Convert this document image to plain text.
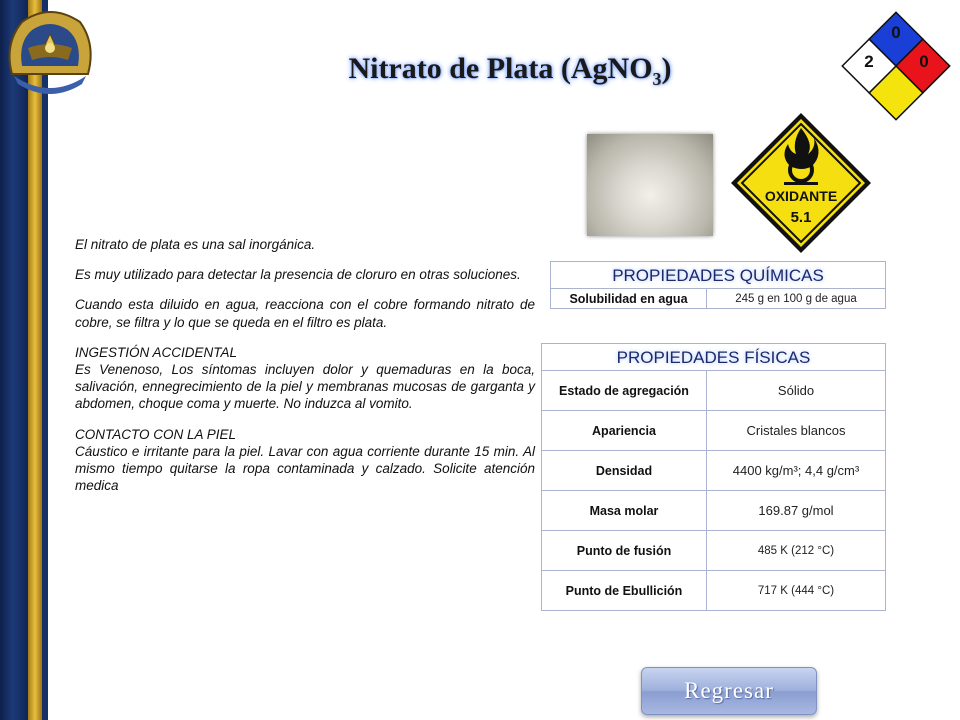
Nitrato de Plata (AgNO$_3$)
0
2	0
OXIDANTE
5.1

El nitrato de plata es una sal inorgánica.

Es muy utilizado para detectar la presencia de cloruro en otras soluciones.

Cuando esta diluido en agua, reacciona con el cobre formando nitrato de cobre, se filtra y lo que se queda en el filtro es plata.

INGESTIÓN ACCIDENTAL

Es Venenoso, Los síntomas incluyen dolor y quemaduras en la boca, salivación, ennegrecimiento de la piel y membranas mucosas de garganta y abdomen, choque coma y muerte. No induzca al vomito.

CONTACTO CON LA PIEL

Cáustico e irritante para la piel. Lavar con agua corriente durante 15 min. Al mismo tiempo quitarse la ropa contaminada y calzado. Solicite atención medica

PROPIEDADES QUÍMICAS
Solubilidad en agua	245 g en 100 g de agua
PROPIEDADES FÍSICAS	
Estado de agregación	Sólido
Apariencia	Cristales blancos
Densidad	4400 kg/m³; 4,4 g/cm³
Masa molar	169.87 g/mol
Punto de fusión	485 K (212 °C)
Punto de Ebullición	717 K (444 °C)
Regresar
